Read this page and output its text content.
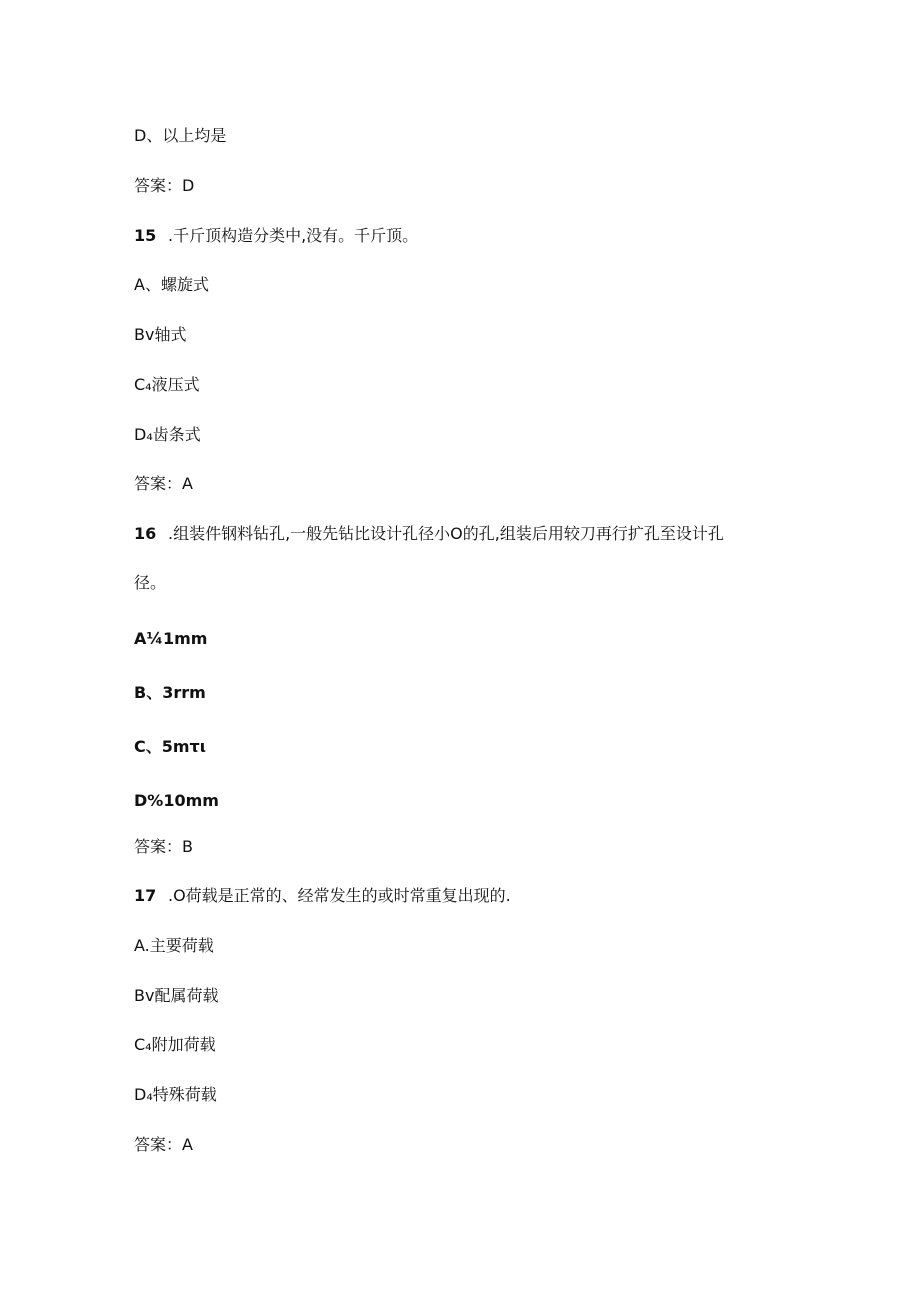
D、以上均是
答案：D
15 .千斤顶构造分类中,没有。千斤顶。
A、螺旋式
Bv轴式
C₄液压式
D₄齿条式
答案：A
16 .组装件钢料钻孔,一般先钻比设计孔径小O的孔,组装后用较刀再行扩孔至设计孔
径。
A¼1mm
B、3rrm
C、5mτι
D%10mm
答案：B
17 .O荷载是正常的、经常发生的或时常重复出现的.
A.主要荷载
Bv配属荷载
C₄附加荷载
D₄特殊荷载
答案：A
